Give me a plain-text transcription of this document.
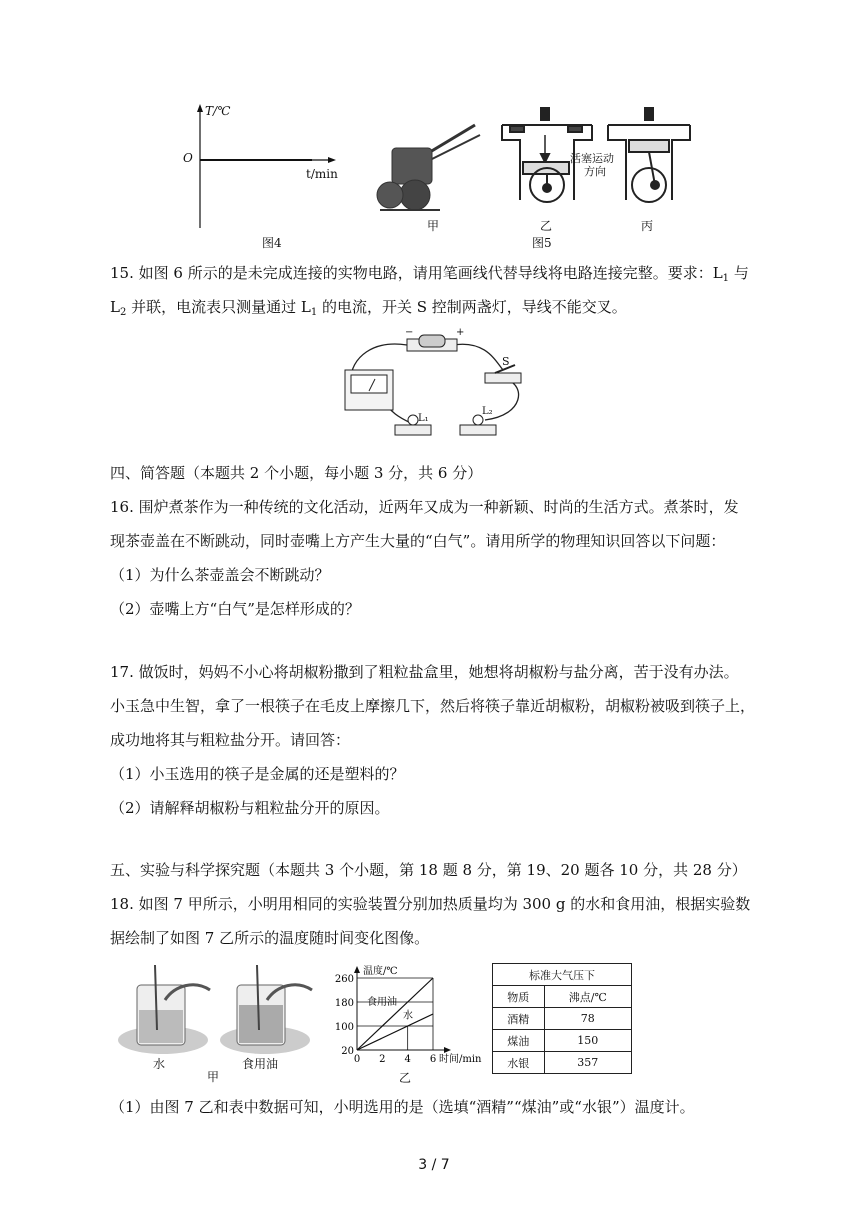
T/℃
O
t/min
图4
活塞运动
方向
甲	乙	丙
图5
15. 如图 6 所示的是未完成连接的实物电路，请用笔画线代替导线将电路连接完整。要求：$L_1$ 与
$L_2$ 并联，电流表只测量通过 $L_1$ 的电流，开关 S 控制两盏灯，导线不能交叉。
−	+
S
L₁
L₂
四、简答题（本题共 2 个小题，每小题 3 分，共 6 分）
16. 围炉煮茶作为一种传统的文化活动，近两年又成为一种新颖、时尚的生活方式。煮茶时，发
现茶壶盖在不断跳动，同时壶嘴上方产生大量的“白气”。请用所学的物理知识回答以下问题：
（1）为什么茶壶盖会不断跳动？
（2）壶嘴上方“白气”是怎样形成的？
17. 做饭时，妈妈不小心将胡椒粉撒到了粗粒盐盒里，她想将胡椒粉与盐分离，苦于没有办法。
小玉急中生智，拿了一根筷子在毛皮上摩擦几下，然后将筷子靠近胡椒粉，胡椒粉被吸到筷子上，
成功地将其与粗粒盐分开。请回答：
（1）小玉选用的筷子是金属的还是塑料的？
（2）请解释胡椒粉与粗粒盐分开的原因。
五、实验与科学探究题（本题共 3 个小题，第 18 题 8 分，第 19、20 题各 10 分，共 28 分）
18. 如图 7 甲所示，小明用相同的实验装置分别加热质量均为 300 g 的水和食用油，根据实验数
据绘制了如图 7 乙所示的温度随时间变化图像。
水	食用油
甲
食用油
水
20
100
180
260
0 2 4 6
温度/℃
时间/min
乙
标准大气压下	
物质	沸点/℃
酒精	78
煤油	150
水银	357
（1）由图 7 乙和表中数据可知，小明选用的是（选填“酒精”“煤油”或“水银”）温度计。
3 / 7
